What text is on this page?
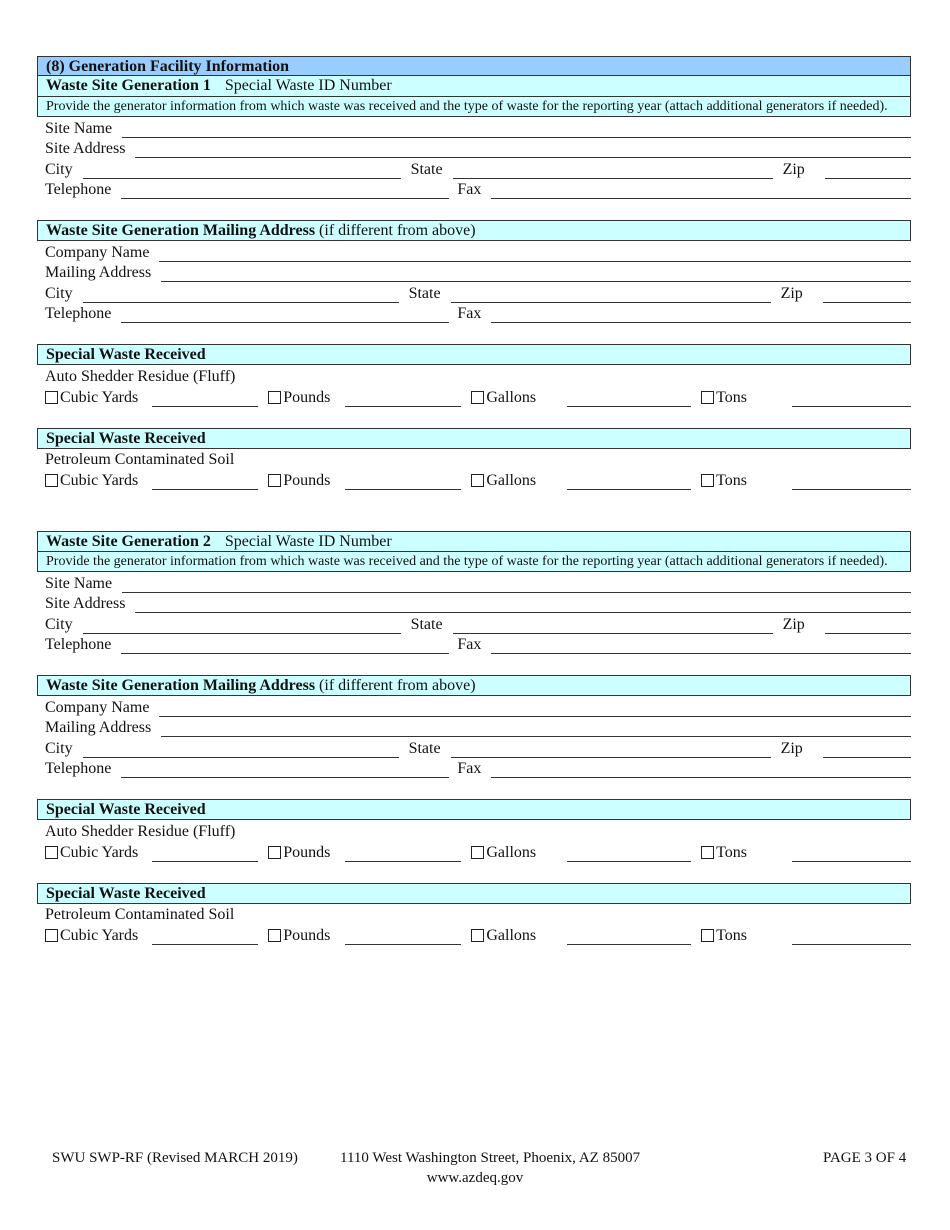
(8) Generation Facility Information
Waste Site Generation 1 Special Waste ID Number
Provide the generator information from which waste was received and the type of waste for the reporting year (attach additional generators if needed).
Site Name
Site Address
City	State	Zip
Telephone	Fax
Waste Site Generation Mailing Address (if different from above)
Company Name
Mailing Address
City	State	Zip
Telephone	Fax
Special Waste Received
Auto Shedder Residue (Fluff)
Cubic Yards	Pounds	Gallons	Tons
Special Waste Received
Petroleum Contaminated Soil
Cubic Yards	Pounds	Gallons	Tons
Waste Site Generation 2 Special Waste ID Number
Provide the generator information from which waste was received and the type of waste for the reporting year (attach additional generators if needed).
Site Name
Site Address
City	State	Zip
Telephone	Fax
Waste Site Generation Mailing Address (if different from above)
Company Name
Mailing Address
City	State	Zip
Telephone	Fax
Special Waste Received
Auto Shedder Residue (Fluff)
Cubic Yards	Pounds	Gallons	Tons
Special Waste Received
Petroleum Contaminated Soil
Cubic Yards	Pounds	Gallons	Tons
SWU SWP-RF (Revised MARCH 2019)	1110 West Washington Street, Phoenix, AZ 85007	PAGE 3 OF 4
www.azdeq.gov
